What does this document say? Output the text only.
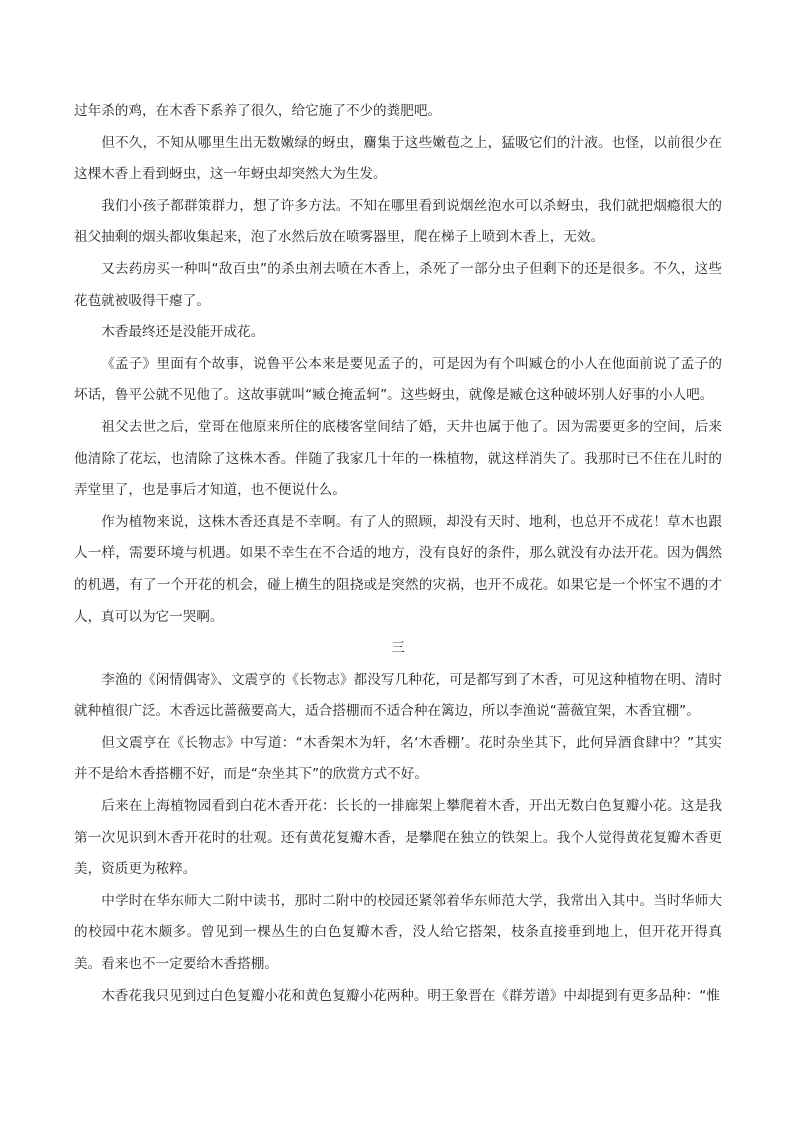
过年杀的鸡，在木香下系养了很久，给它施了不少的粪肥吧。

但不久，不知从哪里生出无数嫩绿的蚜虫，麕集于这些嫩苞之上，猛吸它们的汁液。也怪，以前很少在这棵木香上看到蚜虫，这一年蚜虫却突然大为生发。

我们小孩子都群策群力，想了许多方法。不知在哪里看到说烟丝泡水可以杀蚜虫，我们就把烟瘾很大的祖父抽剩的烟头都收集起来，泡了水然后放在喷雾器里，爬在梯子上喷到木香上，无效。

又去药房买一种叫“敌百虫”的杀虫剂去喷在木香上，杀死了一部分虫子但剩下的还是很多。不久，这些花苞就被吸得干瘪了。

木香最终还是没能开成花。

《孟子》里面有个故事，说鲁平公本来是要见孟子的，可是因为有个叫臧仓的小人在他面前说了孟子的坏话，鲁平公就不见他了。这故事就叫“臧仓掩孟轲”。这些蚜虫，就像是臧仓这种破坏别人好事的小人吧。

祖父去世之后，堂哥在他原来所住的底楼客堂间结了婚，天井也属于他了。因为需要更多的空间，后来他清除了花坛，也清除了这株木香。伴随了我家几十年的一株植物，就这样消失了。我那时已不住在儿时的弄堂里了，也是事后才知道，也不便说什么。

作为植物来说，这株木香还真是不幸啊。有了人的照顾，却没有天时、地利，也总开不成花！草木也跟人一样，需要环境与机遇。如果不幸生在不合适的地方，没有良好的条件，那么就没有办法开花。因为偶然的机遇，有了一个开花的机会，碰上横生的阻挠或是突然的灾祸，也开不成花。如果它是一个怀宝不遇的才人，真可以为它一哭啊。

三

李渔的《闲情偶寄》、文震亨的《长物志》都没写几种花，可是都写到了木香，可见这种植物在明、清时就种植很广泛。木香远比蔷薇要高大，适合搭棚而不适合种在篱边，所以李渔说“蔷薇宜架，木香宜棚”。

但文震亨在《长物志》中写道：“木香架木为轩，名‘木香棚’。花时杂坐其下，此何异酒食肆中？”其实并不是给木香搭棚不好，而是“杂坐其下”的欣赏方式不好。

后来在上海植物园看到白花木香开花：长长的一排廊架上攀爬着木香，开出无数白色复瓣小花。这是我第一次见识到木香开花时的壮观。还有黄花复瓣木香，是攀爬在独立的铁架上。我个人觉得黄花复瓣木香更美，资质更为秾粹。

中学时在华东师大二附中读书，那时二附中的校园还紧邻着华东师范大学，我常出入其中。当时华师大的校园中花木颇多。曾见到一棵丛生的白色复瓣木香，没人给它搭架，枝条直接垂到地上，但开花开得真美。看来也不一定要给木香搭棚。

木香花我只见到过白色复瓣小花和黄色复瓣小花两种。明王象晋在《群芳谱》中却提到有更多品种：“惟
